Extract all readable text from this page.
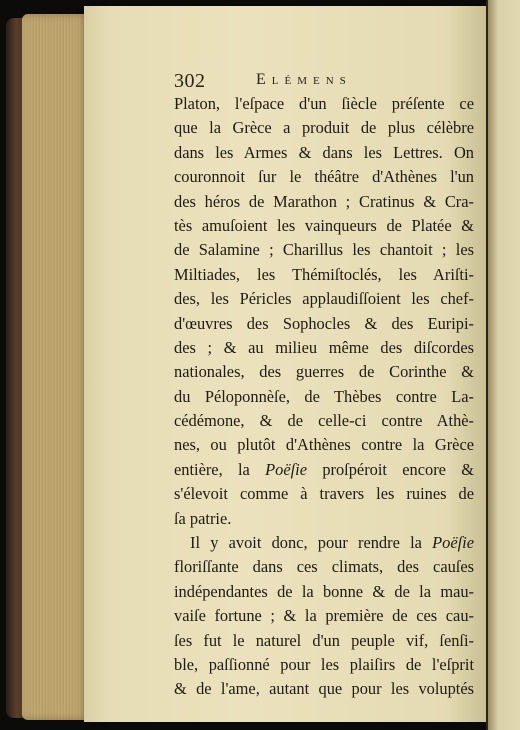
302	Elémens
Platon, l'eſpace d'un ſiècle préſente ce
que la Grèce a produit de plus célèbre
dans les Armes & dans les Lettres. On
couronnoit ſur le théâtre d'Athènes l'un
des héros de Marathon ; Cratinus & Cra-
tès amuſoient les vainqueurs de Platée &
de Salamine ; Charillus les chantoit ; les
Miltiades, les Thémiſtoclés, les Ariſti-
des, les Péricles applaudiſſoient les chef-
d'œuvres des Sophocles & des Euripi-
des ; & au milieu même des diſcordes
nationales, des guerres de Corinthe &
du Péloponnèſe, de Thèbes contre La-
cédémone, & de celle-ci contre Athè-
nes, ou plutôt d'Athènes contre la Grèce
entière, la Poëſie proſpéroit encore &
s'élevoit comme à travers les ruines de
ſa patrie.
Il y avoit donc, pour rendre la Poëſie
floriſſante dans ces climats, des cauſes
indépendantes de la bonne & de la mau-
vaiſe fortune ; & la première de ces cau-
ſes fut le naturel d'un peuple vif, ſenſi-
ble, paſſionné pour les plaiſirs de l'eſprit
& de l'ame, autant que pour les voluptés
